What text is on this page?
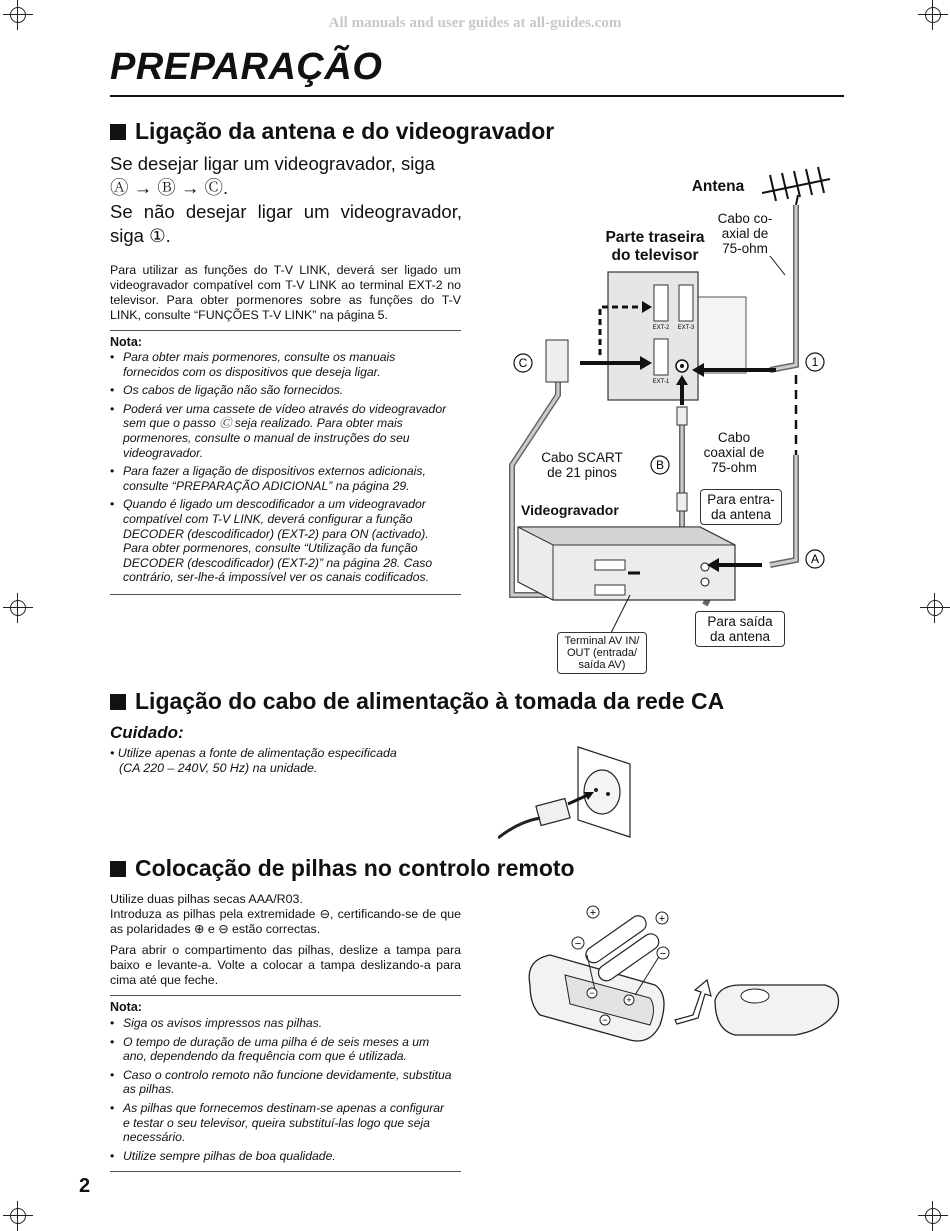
All manuals and user guides at all-guides.com
PREPARAÇÃO
Ligação da antena e do videogravador
Se desejar ligar um videogravador, siga
Ⓐ → Ⓑ → Ⓒ.
Se não desejar ligar um videogravador,
siga ①.
Para utilizar as funções do T-V LINK, deverá ser ligado um videogravador compatível com T-V LINK ao terminal EXT-2 no televisor. Para obter pormenores sobre as funções do T-V LINK, consulte “FUNÇÕES T-V LINK” na página 5.
Nota:
• Para obter mais pormenores, consulte os manuais fornecidos com os dispositivos que deseja ligar.
• Os cabos de ligação não são fornecidos.
• Poderá ver uma cassete de vídeo através do videogravador sem que o passo Ⓒ seja realizado. Para obter mais pormenores, consulte o manual de instruções do seu videogravador.
• Para fazer a ligação de dispositivos externos adicionais, consulte “PREPARAÇÃO ADICIONAL” na página 29.
• Quando é ligado um descodificador a um videogravador compatível com T-V LINK, deverá configurar a função DECODER (descodificador) (EXT-2) para ON (activado). Para obter pormenores, consulte “Utilização da função DECODER (descodificador) (EXT-2)” na página 28. Caso contrário, ser-lhe-á impossível ver os canais codificados.
EXT-2 EXT-3
EXT-1
C
B
A
1
Antena
Cabo co-
axial de
75-ohm
Parte traseira
do televisor
Cabo SCART
de 21 pinos
Cabo
coaxial de
75-ohm
Videogravador
Para entra-
da antena
Para saída
da antena
Terminal AV IN/
OUT (entrada/
saída AV)
Ligação do cabo de alimentação à tomada da rede CA
Cuidado:
• Utilize apenas a fonte de alimentação especificada
(CA 220 – 240V, 50 Hz) na unidade.
Colocação de pilhas no controlo remoto
Utilize duas pilhas secas AAA/R03.
Introduza as pilhas pela extremidade ⊖, certificando-se de que as polaridades ⊕ e ⊖ estão correctas.
Para abrir o compartimento das pilhas, deslize a tampa para baixo e levante-a. Volte a colocar a tampa deslizando-a para cima até que feche.
Nota:
• Siga os avisos impressos nas pilhas.
• O tempo de duração de uma pilha é de seis meses a um ano, dependendo da frequência com que é utilizada.
• Caso o controlo remoto não funcione devidamente, substitua as pilhas.
• As pilhas que fornecemos destinam-se apenas a configurar e testar o seu televisor, queira substituí-las logo que seja necessário.
• Utilize sempre pilhas de boa qualidade.
+	+
−
−
−
+
−
2
